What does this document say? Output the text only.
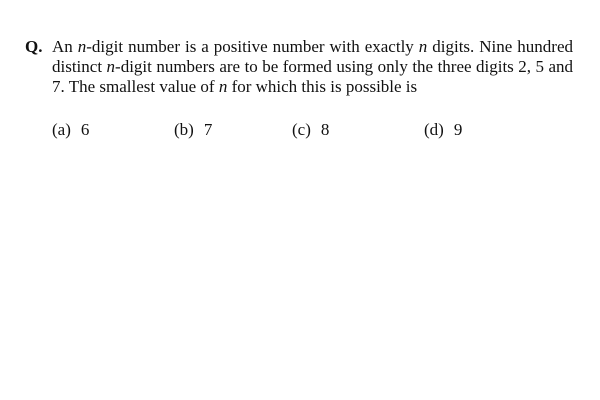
Q. An n-digit number is a positive number with exactly n digits. Nine hundred distinct n-digit numbers are to be formed using only the three digits 2, 5 and 7. The smallest value of n for which this is possible is
(a) 6	(b) 7	(c) 8	(d) 9
